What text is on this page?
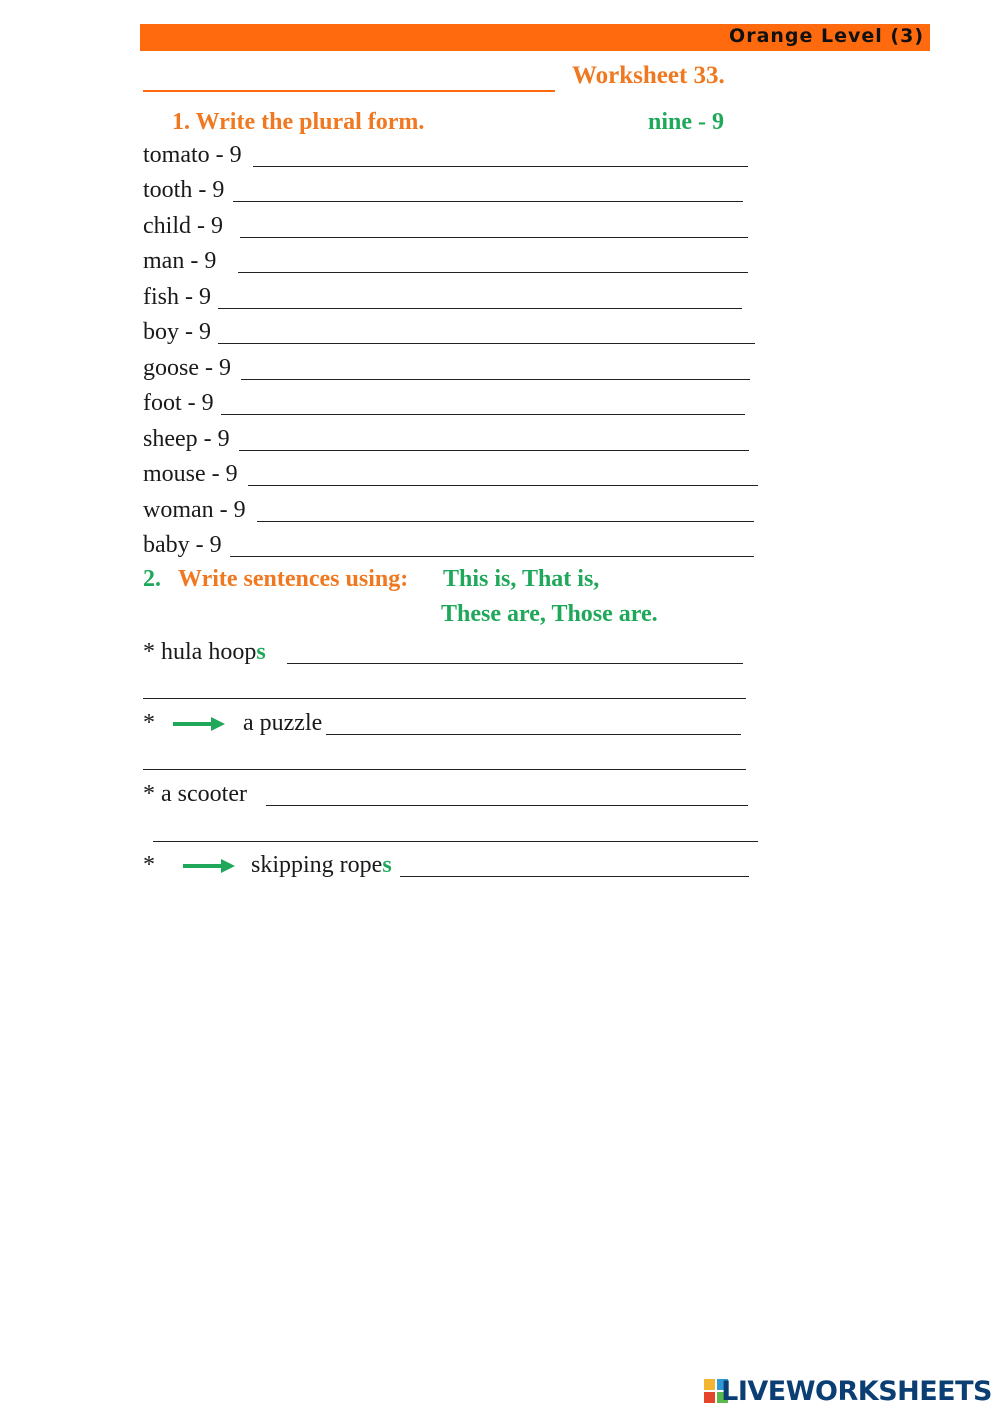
Orange Level (3)
Worksheet 33.
1. Write the plural form.	nine - 9
tomato - 9
tooth - 9
child - 9
man - 9
fish - 9
boy - 9
goose - 9
foot - 9
sheep - 9
mouse - 9
woman - 9
baby - 9
2. Write sentences using: This is, That is,
These are, Those are.
* hula hoops
*	a puzzle
* a scooter
*	skipping ropes
LIVEWORKSHEETS
